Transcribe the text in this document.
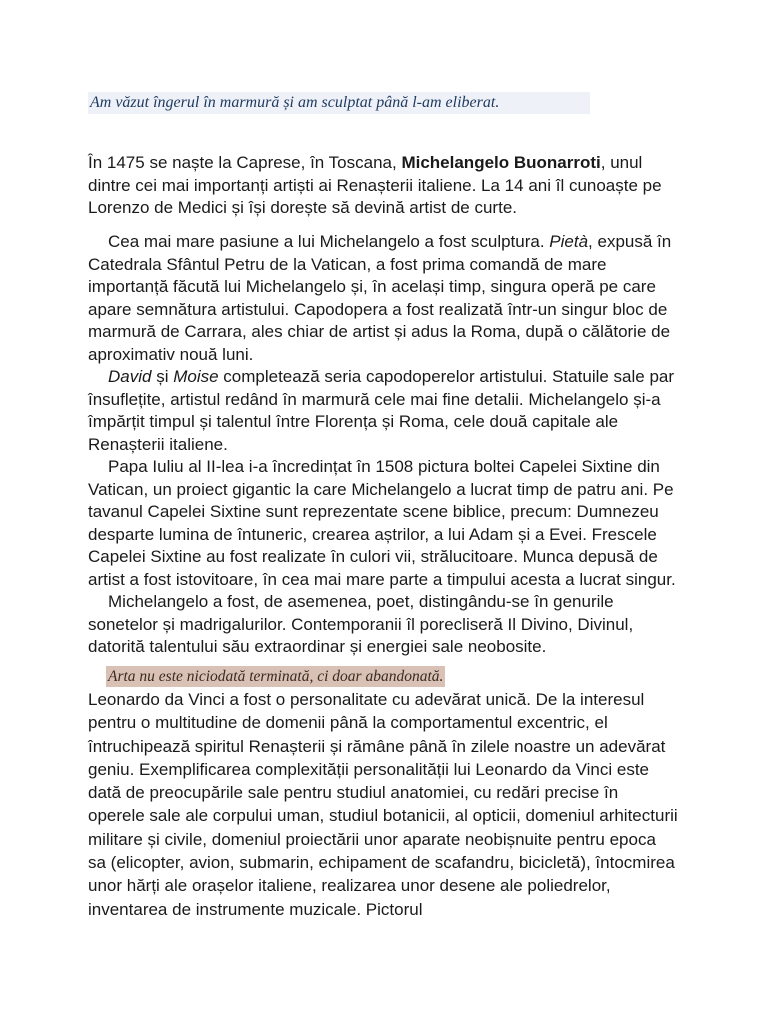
Am văzut îngerul în marmură și am sculptat până l-am eliberat.

În 1475 se naște la Caprese, în Toscana, Michelangelo Buonarroti, unul dintre cei mai importanți artiști ai Renașterii italiene. La 14 ani îl cunoaște pe Lorenzo de Medici și își dorește să devină artist de curte.

Cea mai mare pasiune a lui Michelangelo a fost sculptura. Pietà, expusă în Catedrala Sfântul Petru de la Vatican, a fost prima comandă de mare importanță făcută lui Michelangelo și, în același timp, singura operă pe care apare semnătura artistului. Capodopera a fost realizată într-un singur bloc de marmură de Carrara, ales chiar de artist și adus la Roma, după o călătorie de aproximativ nouă luni.
David și Moise completează seria capodoperelor artistului. Statuile sale par însuflețite, artistul redând în marmură cele mai fine detalii. Michelangelo și-a împărțit timpul și talentul între Florența și Roma, cele două capitale ale Renașterii italiene.
Papa Iuliu al II-lea i-a încredințat în 1508 pictura boltei Capelei Sixtine din Vatican, un proiect gigantic la care Michelangelo a lucrat timp de patru ani. Pe tavanul Capelei Sixtine sunt reprezentate scene biblice, precum: Dumnezeu desparte lumina de întuneric, crearea aștrilor, a lui Adam și a Evei. Frescele Capelei Sixtine au fost realizate în culori vii, strălucitoare. Munca depusă de artist a fost istovitoare, în cea mai mare parte a timpului acesta a lucrat singur.
Michelangelo a fost, de asemenea, poet, distingându-se în genurile sonetelor și madrigalurilor. Contemporanii îl porecliseră Il Divino, Divinul, datorită talentului său extraordinar și energiei sale neobosite.

Arta nu este niciodată terminată, ci doar abandonată.

Leonardo da Vinci a fost o personalitate cu adevărat unică. De la interesul pentru o multitudine de domenii până la comportamentul excentric, el întruchipează spiritul Renașterii și rămâne până în zilele noastre un adevărat geniu. Exemplificarea complexității personalității lui Leonardo da Vinci este dată de preocupările sale pentru studiul anatomiei, cu redări precise în operele sale ale corpului uman, studiul botanicii, al opticii, domeniul arhitecturii militare și civile, domeniul proiectării unor aparate neobișnuite pentru epoca sa (elicopter, avion, submarin, echipament de scafandru, bicicletă), întocmirea unor hărți ale orașelor italiene, realizarea unor desene ale poliedrelor, inventarea de instrumente muzicale. Pictorul
